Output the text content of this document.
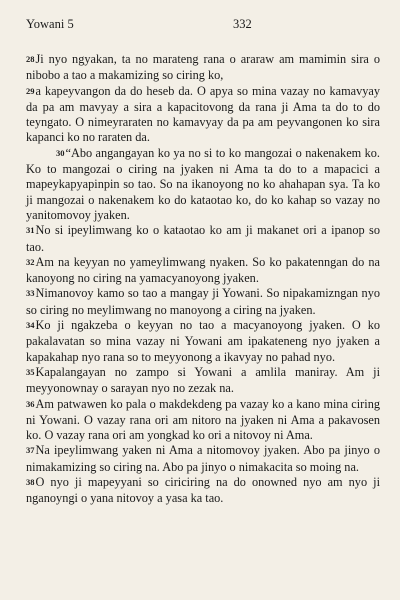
Yowani 5	332

$^{28}$Ji nyo ngyakan, ta no marateng rana o araraw am mamimin sira o nibobo a tao a makamizing so ciring ko,

$^{29}$a kapeyvangon da do heseb da. O apya so mina vazay no kamavyay da pa am mavyay a sira a kapacitovong da rana ji Ama ta do to do teyngato. O nimeyraraten no kamavyay da pa am peyvangonen ko sira kapanci ko no raraten da.

$^{30}$“Abo angangayan ko ya no si to ko mangozai o nakenakem ko. Ko to mangozai o ciring na jyaken ni Ama ta do to a mapacici a mapeykapyapinpin so tao. So na ikanoyong no ko ahahapan sya. Ta ko ji mangozai o nakenakem ko do kataotao ko, do ko kahap so vazay no yanitomovoy jyaken.

$^{31}$No si ipeylimwang ko o kataotao ko am ji makanet ori a ipanop so tao.

$^{32}$Am na keyyan no yameylimwang nyaken. So ko pakatenngan do na kanoyong no ciring na yamacyanoyong jyaken.

$^{33}$Nimanovoy kamo so tao a mangay ji Yowani. So nipakamizngan nyo so ciring no meylimwang no manoyong a ciring na jyaken.

$^{34}$Ko ji ngakzeba o keyyan no tao a macyanoyong jyaken. O ko pakalavatan so mina vazay ni Yowani am ipakateneng nyo jyaken a kapakahap nyo rana so to meyyonong a ikavyay no pahad nyo.

$^{35}$Kapalangayan no zampo si Yowani a amlila maniray. Am ji meyyonownay o sarayan nyo no zezak na.

$^{36}$Am patwawen ko pala o makdekdeng pa vazay ko a kano mina ciring ni Yowani. O vazay rana ori am nitoro na jyaken ni Ama a pakavosen ko. O vazay rana ori am yongkad ko ori a nitovoy ni Ama.

$^{37}$Na ipeylimwang yaken ni Ama a nitomovoy jyaken. Abo pa jinyo o nimakamizing so ciring na. Abo pa jinyo o nimakacita so moing na.

$^{38}$O nyo ji mapeyyani so ciriciring na do onowned nyo am nyo ji nganoyngi o yana nitovoy a yasa ka tao.
